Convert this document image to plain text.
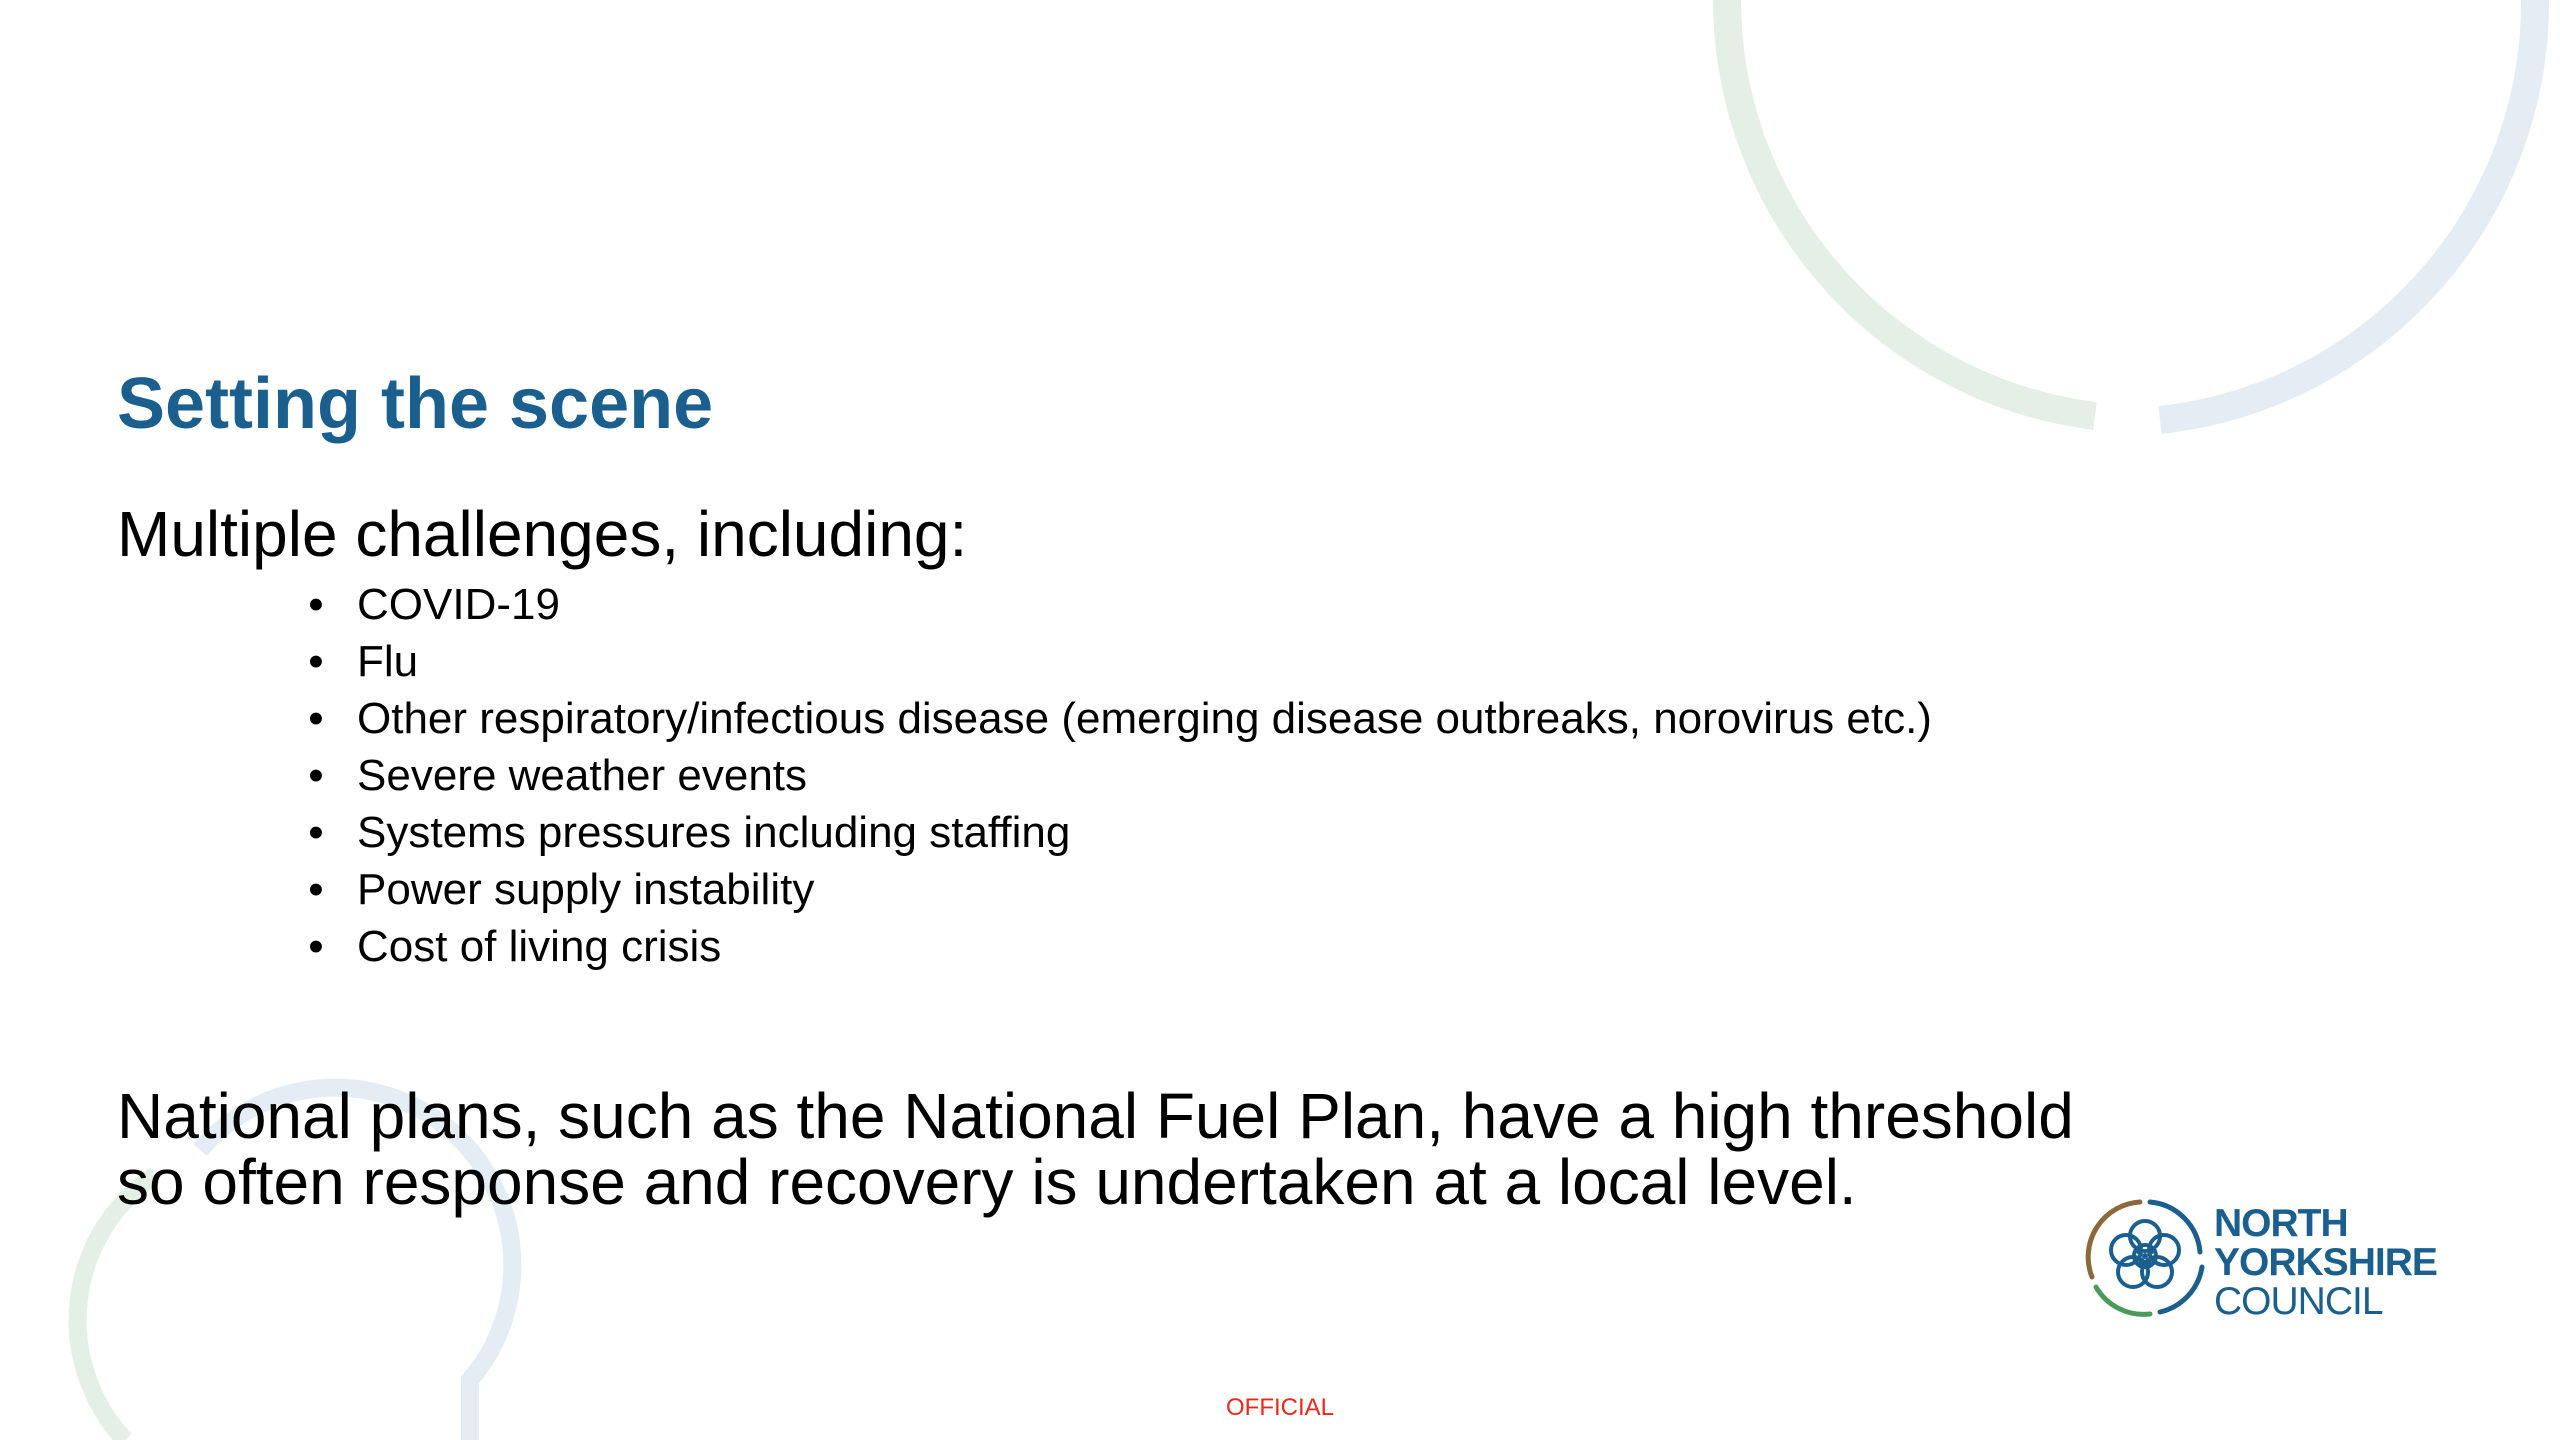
Setting the scene

Multiple challenges, including:

• COVID-19
• Flu
• Other respiratory/infectious disease (emerging disease outbreaks, norovirus etc.)
• Severe weather events
• Systems pressures including staffing
• Power supply instability
• Cost of living crisis

National plans, such as the National Fuel Plan, have a high threshold
so often response and recovery is undertaken at a local level.

NORTH
YORKSHIRE
COUNCIL
OFFICIAL
